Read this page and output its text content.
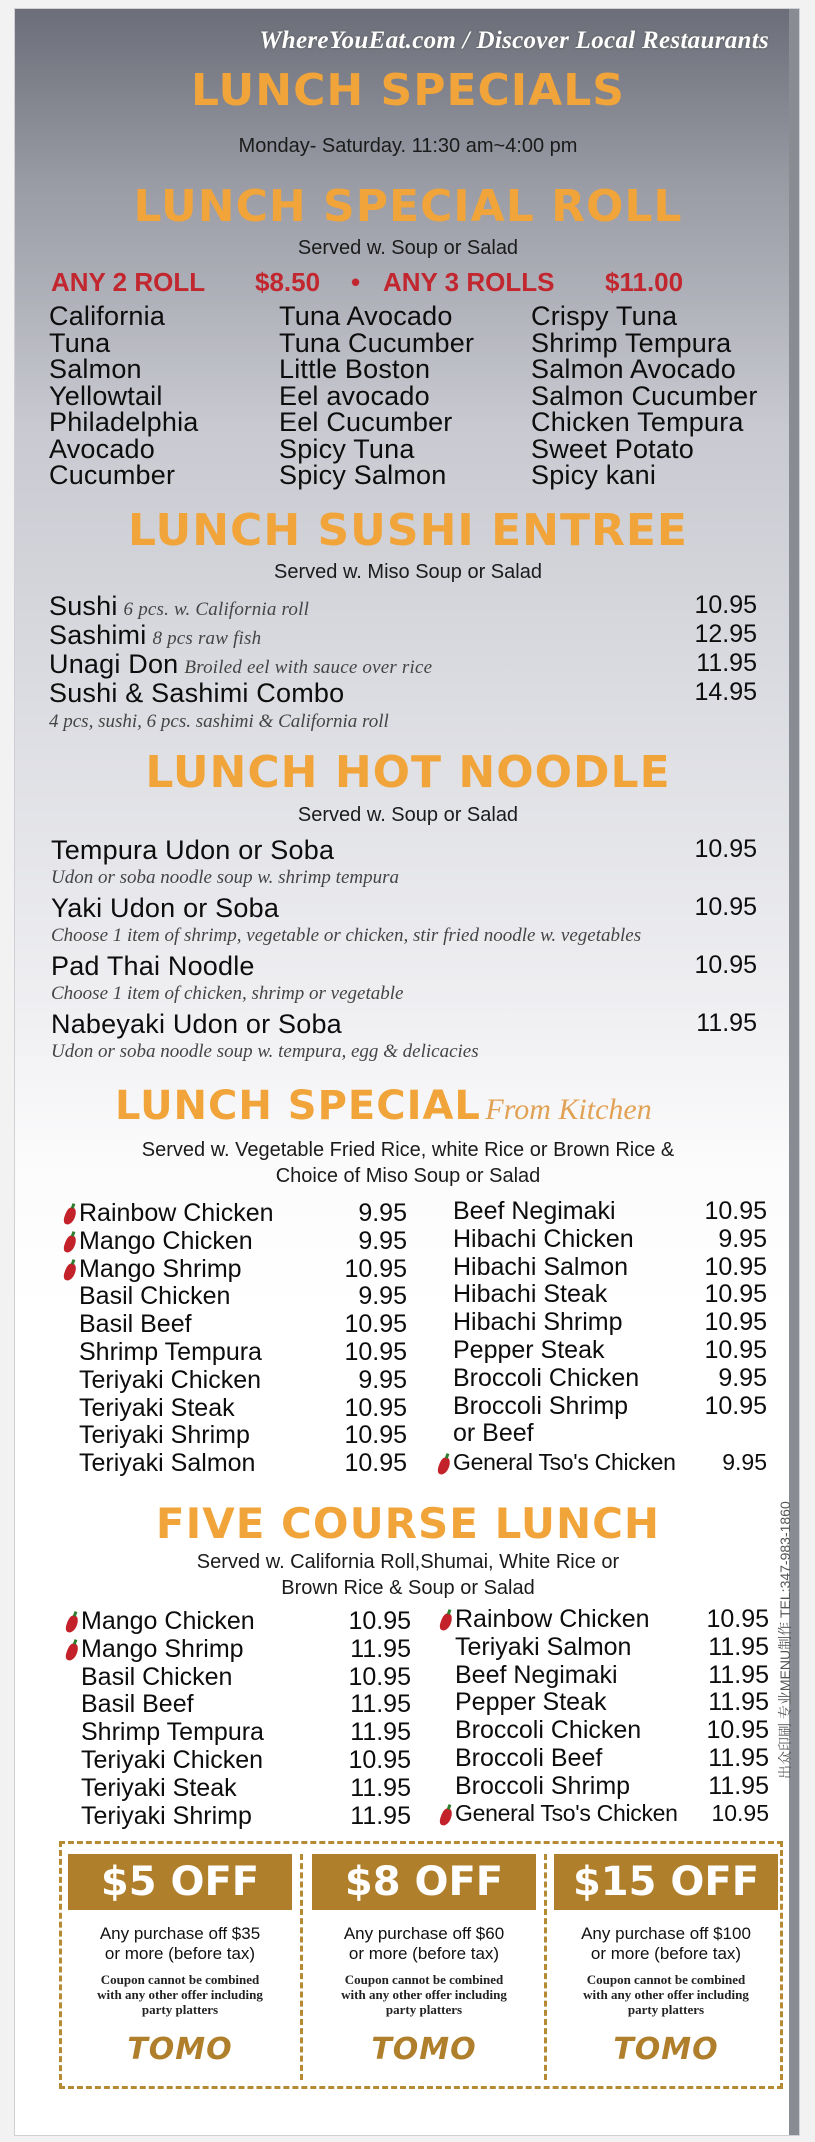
WhereYouEat.com / Discover Local Restaurants
LUNCH SPECIALS
Monday- Saturday. 11:30 am~4:00 pm
LUNCH SPECIAL ROLL
Served w. Soup or Salad
ANY 2 ROLL $8.50 • ANY 3 ROLLS $11.00
California
Tuna
Salmon
Yellowtail
Philadelphia
Avocado
Cucumber
Tuna Avocado
Tuna Cucumber
Little Boston
Eel avocado
Eel Cucumber
Spicy Tuna
Spicy Salmon
Crispy Tuna
Shrimp Tempura
Salmon Avocado
Salmon Cucumber
Chicken Tempura
Sweet Potato
Spicy kani
LUNCH SUSHI ENTREE
Served w. Miso Soup or Salad
Sushi 6 pcs. w. California roll	10.95
Sashimi 8 pcs raw fish	12.95
Unagi Don Broiled eel with sauce over rice	11.95
Sushi & Sashimi Combo	14.95
4 pcs, sushi, 6 pcs. sashimi & California roll
LUNCH HOT NOODLE
Served w. Soup or Salad
Tempura Udon or Soba	10.95
Udon or soba noodle soup w. shrimp tempura
Yaki Udon or Soba	10.95
Choose 1 item of shrimp, vegetable or chicken, stir fried noodle w. vegetables
Pad Thai Noodle	10.95
Choose 1 item of chicken, shrimp or vegetable
Nabeyaki Udon or Soba	11.95
Udon or soba noodle soup w. tempura, egg & delicacies
LUNCH SPECIAL From Kitchen
Served w. Vegetable Fried Rice, white Rice or Brown Rice &
Choice of Miso Soup or Salad
Rainbow Chicken	9.95
Mango Chicken	9.95
Mango Shrimp	10.95
Basil Chicken	9.95
Basil Beef	10.95
Shrimp Tempura	10.95
Teriyaki Chicken	9.95
Teriyaki Steak	10.95
Teriyaki Shrimp	10.95
Teriyaki Salmon	10.95
Beef Negimaki	10.95
Hibachi Chicken	9.95
Hibachi Salmon	10.95
Hibachi Steak	10.95
Hibachi Shrimp	10.95
Pepper Steak	10.95
Broccoli Chicken	9.95
Broccoli Shrimp	10.95
or Beef
General Tso's Chicken	9.95
FIVE COURSE LUNCH
Served w. California Roll,Shumai, White Rice or
Brown Rice & Soup or Salad
Mango Chicken	10.95
Mango Shrimp	11.95
Basil Chicken	10.95
Basil Beef	11.95
Shrimp Tempura	11.95
Teriyaki Chicken	10.95
Teriyaki Steak	11.95
Teriyaki Shrimp	11.95
Rainbow Chicken	10.95
Teriyaki Salmon	11.95
Beef Negimaki	11.95
Pepper Steak	11.95
Broccoli Chicken	10.95
Broccoli Beef	11.95
Broccoli Shrimp	11.95
General Tso's Chicken	10.95
$5 OFF
Any purchase off $35
or more (before tax)
Coupon cannot be combined
with any other offer including
party platters
TOMO
$8 OFF
Any purchase off $60
or more (before tax)
Coupon cannot be combined
with any other offer including
party platters
TOMO
$15 OFF
Any purchase off $100
or more (before tax)
Coupon cannot be combined
with any other offer including
party platters
TOMO
出众印刷 专业MENU制作 TEL:347-983-1860
